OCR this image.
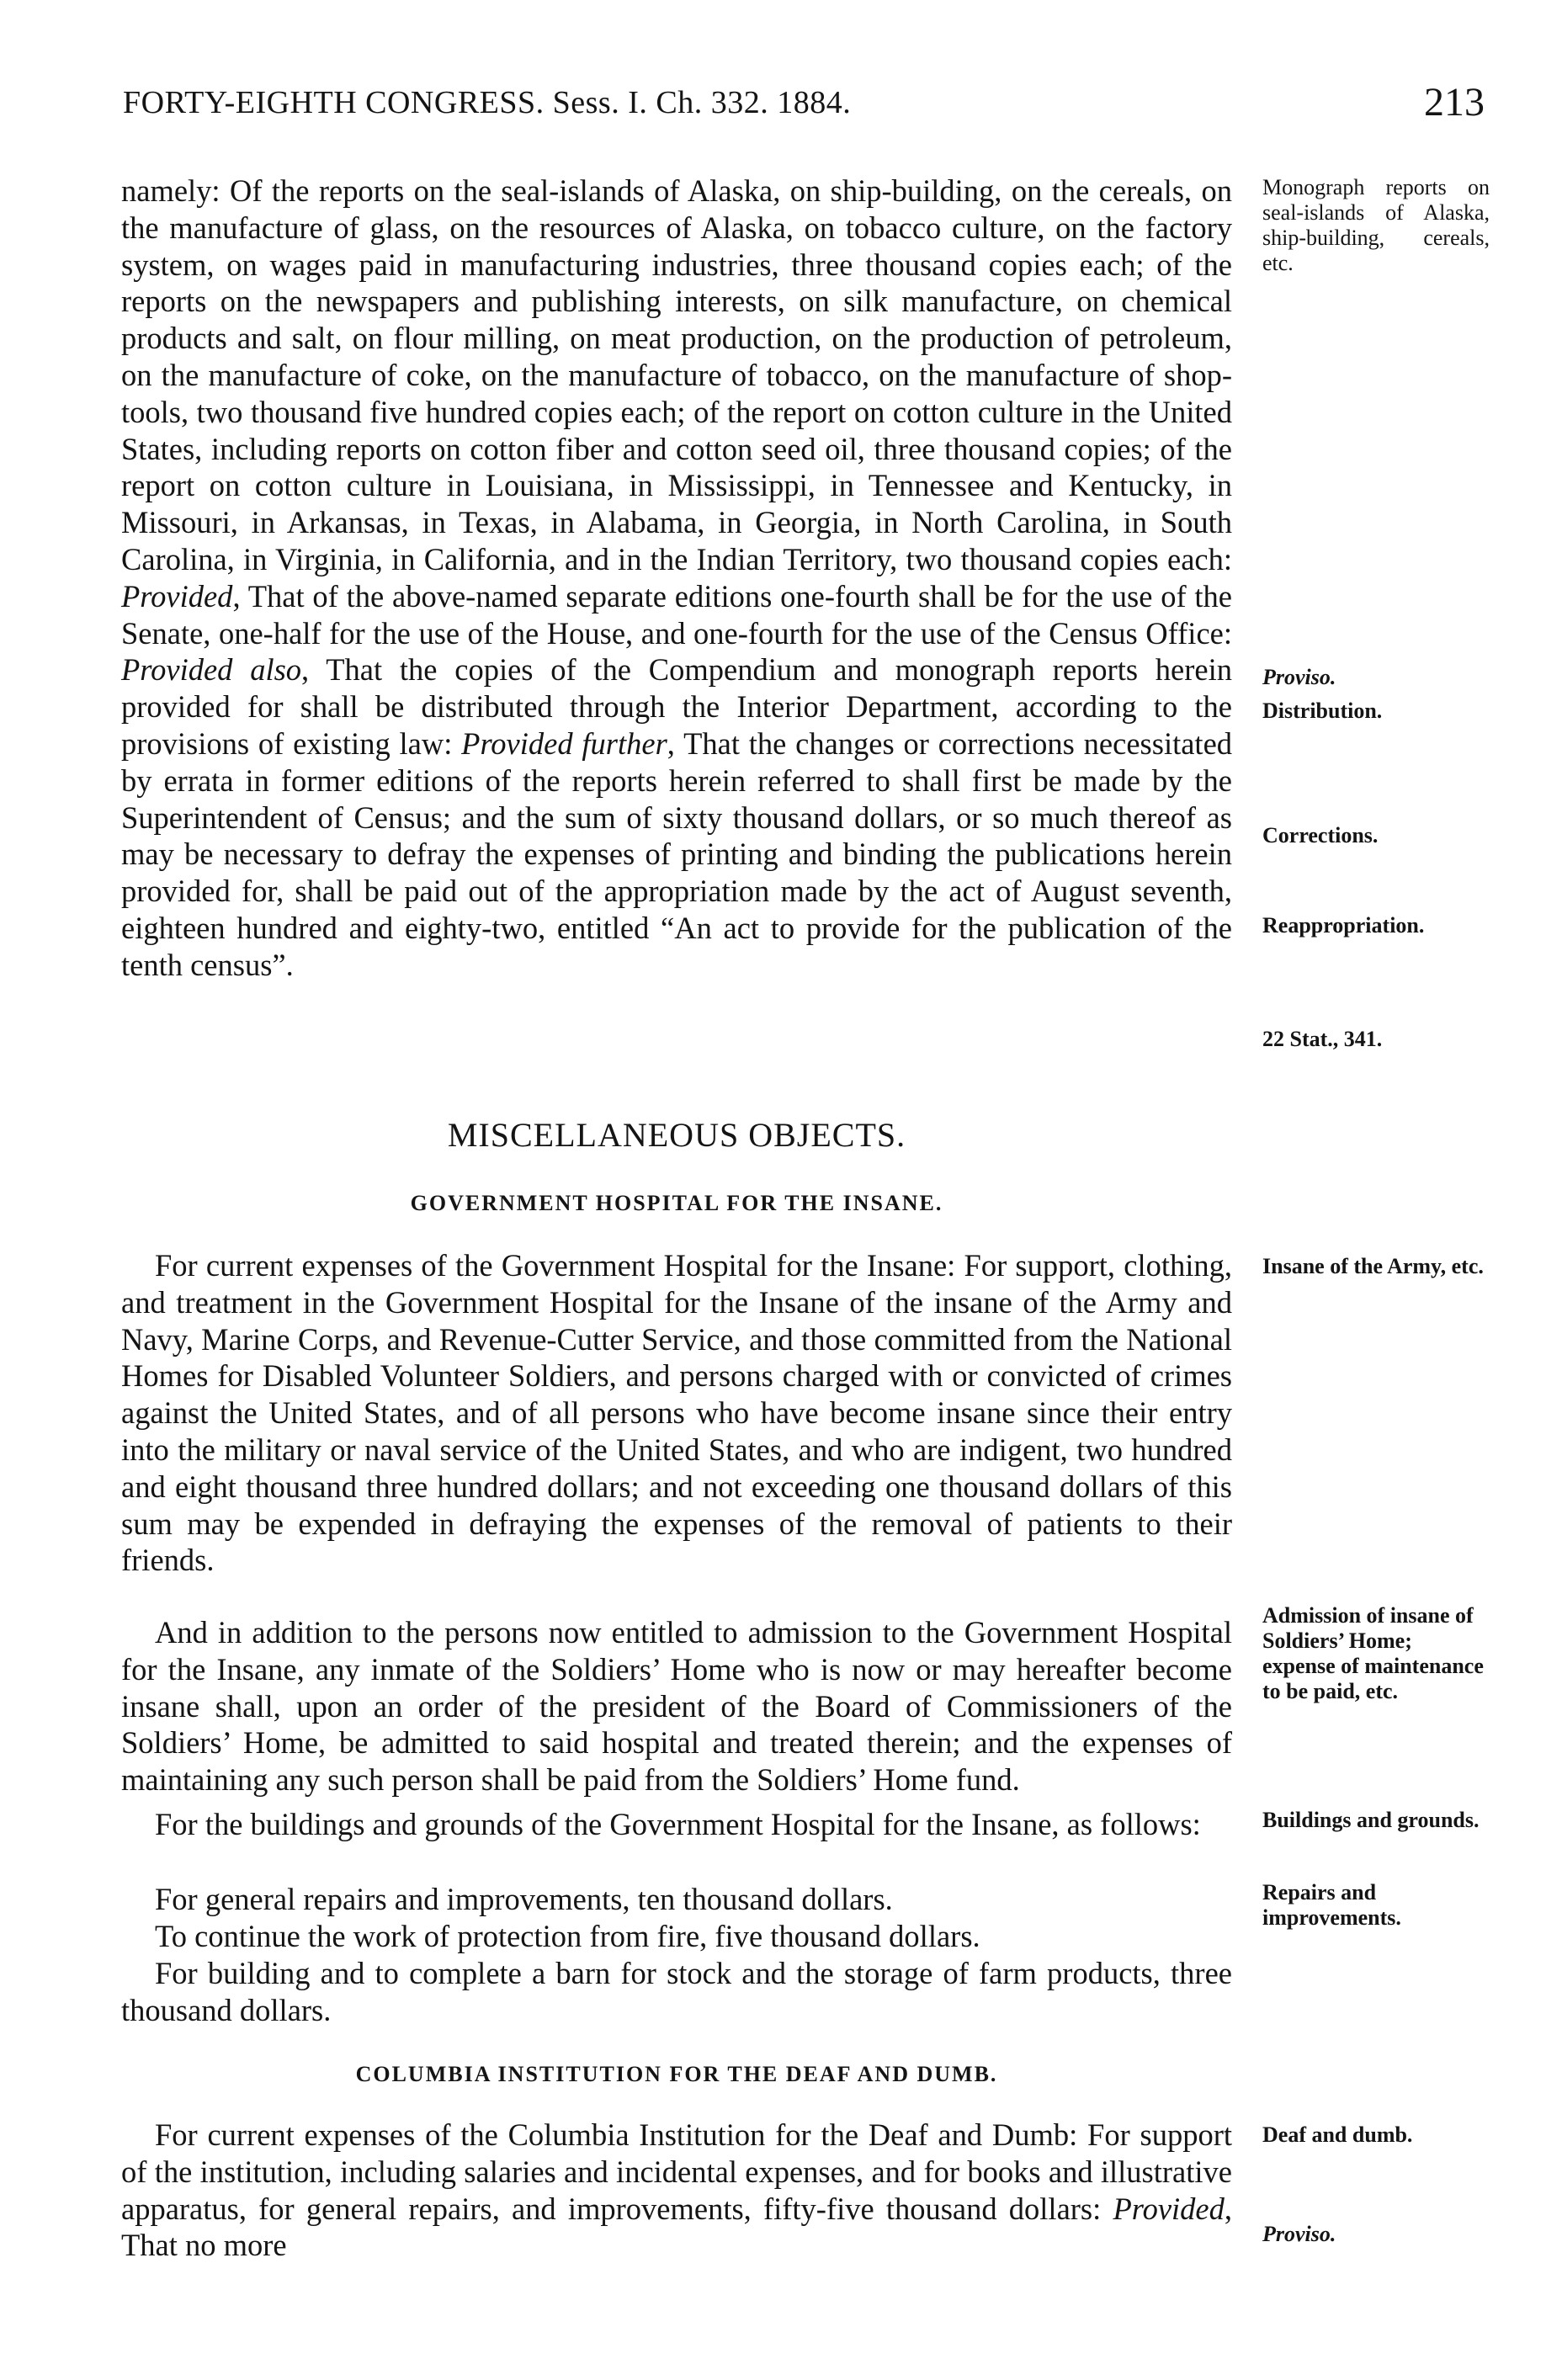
FORTY-EIGHTH CONGRESS. Sess. I. Ch. 332. 1884.	213

namely: Of the reports on the seal-islands of Alaska, on ship-building, on the cereals, on the manufacture of glass, on the resources of Alaska, on tobacco culture, on the factory system, on wages paid in manufacturing industries, three thousand copies each; of the reports on the newspapers and publishing interests, on silk manufacture, on chemical products and salt, on flour milling, on meat production, on the production of petroleum, on the manufacture of coke, on the manufacture of tobacco, on the manufacture of shop-tools, two thousand five hundred copies each; of the report on cotton culture in the United States, including reports on cotton fiber and cotton seed oil, three thousand copies; of the report on cotton culture in Louisiana, in Mississippi, in Tennessee and Kentucky, in Missouri, in Arkansas, in Texas, in Alabama, in Georgia, in North Carolina, in South Carolina, in Virginia, in California, and in the Indian Territory, two thousand copies each: Provided, That of the above-named separate editions one-fourth shall be for the use of the Senate, one-half for the use of the House, and one-fourth for the use of the Census Office: Provided also, That the copies of the Compendium and monograph reports herein provided for shall be distributed through the Interior Department, according to the provisions of existing law: Provided further, That the changes or corrections necessitated by errata in former editions of the reports herein referred to shall first be made by the Superintendent of Census; and the sum of sixty thousand dollars, or so much thereof as may be necessary to defray the expenses of printing and binding the publications herein provided for, shall be paid out of the appropriation made by the act of August seventh, eighteen hundred and eighty-two, entitled “An act to provide for the publication of the tenth census”.

MISCELLANEOUS OBJECTS.

GOVERNMENT HOSPITAL FOR THE INSANE.

For current expenses of the Government Hospital for the Insane: For support, clothing, and treatment in the Government Hospital for the Insane of the insane of the Army and Navy, Marine Corps, and Revenue-Cutter Service, and those committed from the National Homes for Disabled Volunteer Soldiers, and persons charged with or convicted of crimes against the United States, and of all persons who have become insane since their entry into the military or naval service of the United States, and who are indigent, two hundred and eight thousand three hundred dollars; and not exceeding one thousand dollars of this sum may be expended in defraying the expenses of the removal of patients to their friends.

And in addition to the persons now entitled to admission to the Government Hospital for the Insane, any inmate of the Soldiers’ Home who is now or may hereafter become insane shall, upon an order of the president of the Board of Commissioners of the Soldiers’ Home, be admitted to said hospital and treated therein; and the expenses of maintaining any such person shall be paid from the Soldiers’ Home fund.

For the buildings and grounds of the Government Hospital for the Insane, as follows:

For general repairs and improvements, ten thousand dollars.

To continue the work of protection from fire, five thousand dollars.

For building and to complete a barn for stock and the storage of farm products, three thousand dollars.

COLUMBIA INSTITUTION FOR THE DEAF AND DUMB.

For current expenses of the Columbia Institution for the Deaf and Dumb: For support of the institution, including salaries and incidental expenses, and for books and illustrative apparatus, for general repairs, and improvements, fifty-five thousand dollars: Provided, That no more

Monograph reports on seal-islands of Alaska, ship-building, cereals, etc.

Proviso.

Distribution.

Corrections.

Reappropriation.

22 Stat., 341.

Insane of the Army, etc.

Admission of insane of Soldiers’ Home; expense of maintenance to be paid, etc.

Buildings and grounds.

Repairs and improvements.

Deaf and dumb.

Proviso.
